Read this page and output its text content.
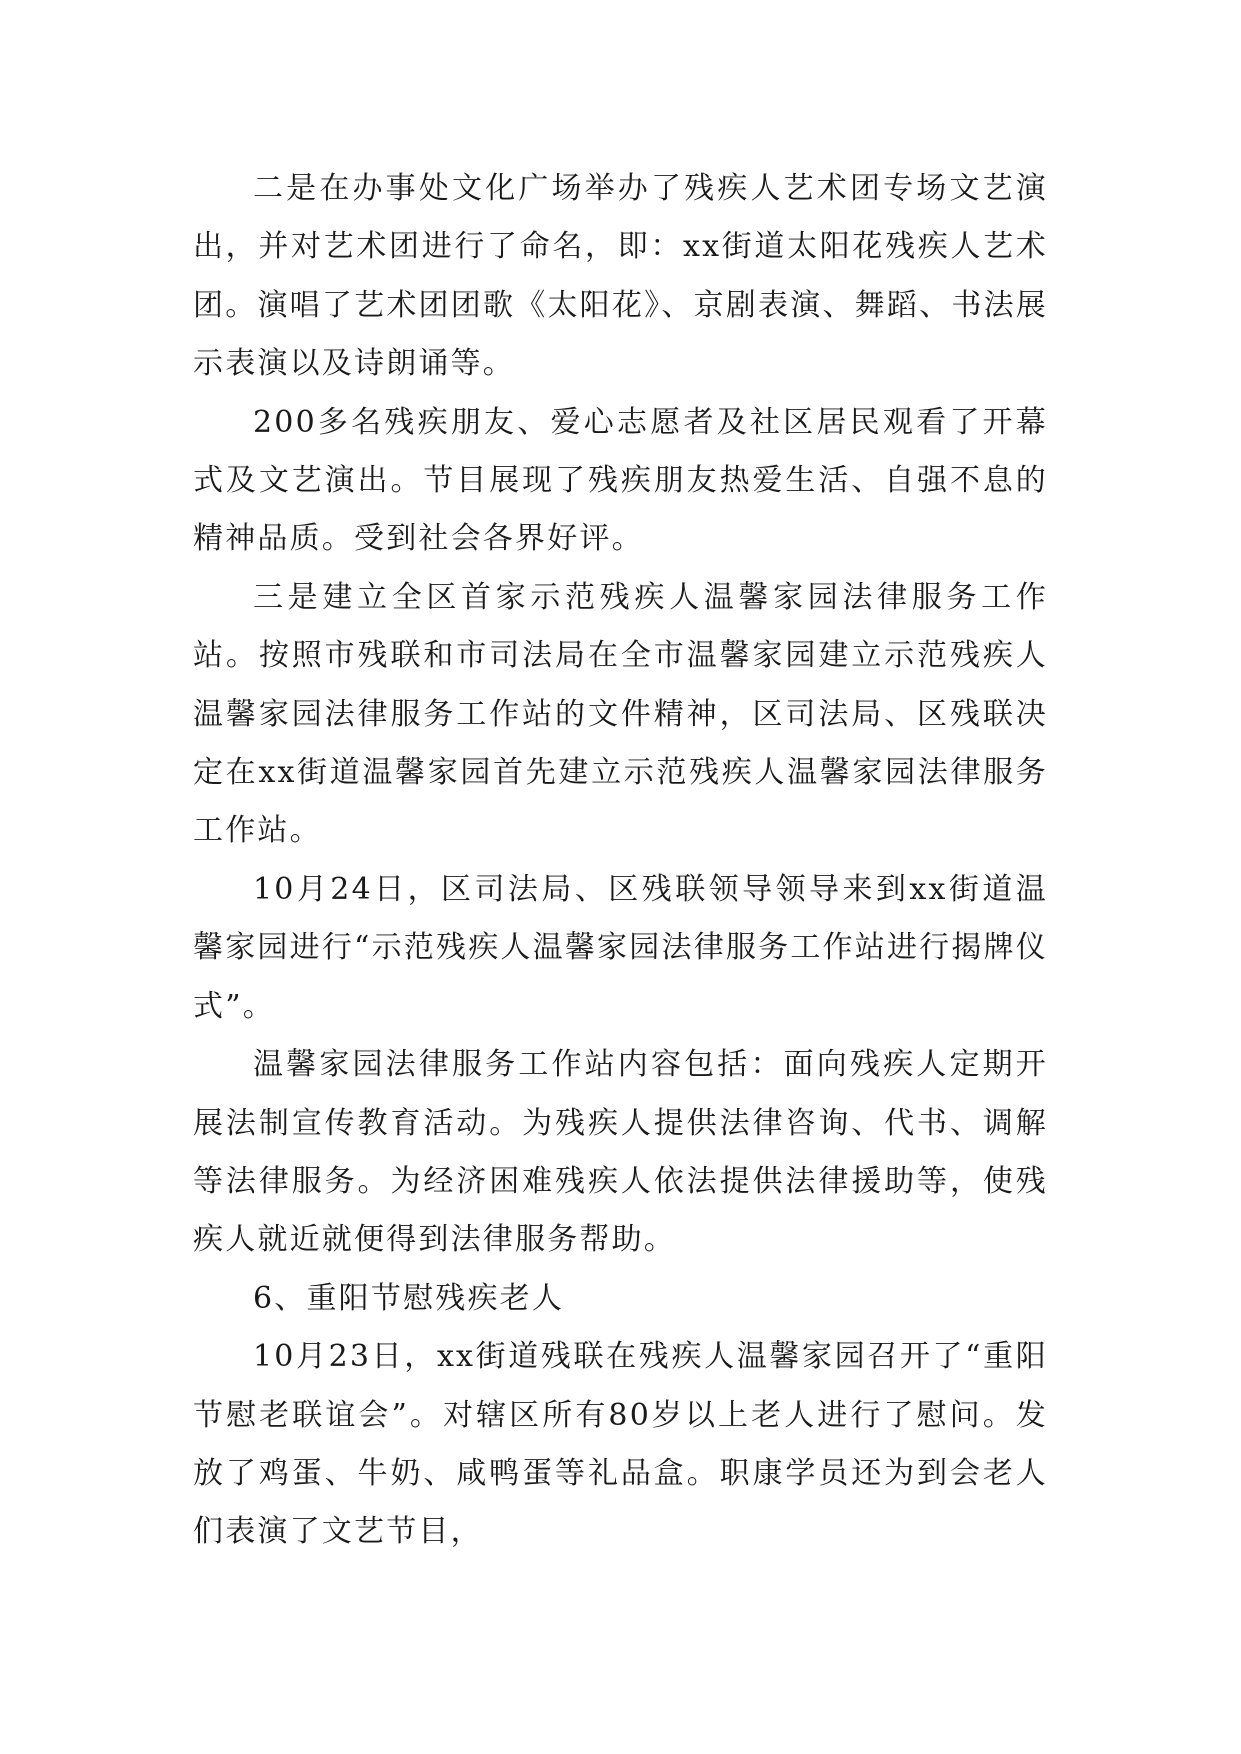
二是在办事处文化广场举办了残疾人艺术团专场文艺演出，并对艺术团进行了命名，即：xx街道太阳花残疾人艺术团。演唱了艺术团团歌《太阳花》、京剧表演、舞蹈、书法展示表演以及诗朗诵等。

200多名残疾朋友、爱心志愿者及社区居民观看了开幕式及文艺演出。节目展现了残疾朋友热爱生活、自强不息的精神品质。受到社会各界好评。

三是建立全区首家示范残疾人温馨家园法律服务工作站。按照市残联和市司法局在全市温馨家园建立示范残疾人温馨家园法律服务工作站的文件精神，区司法局、区残联决定在xx街道温馨家园首先建立示范残疾人温馨家园法律服务工作站。

10月24日，区司法局、区残联领导领导来到xx街道温馨家园进行“示范残疾人温馨家园法律服务工作站进行揭牌仪式”。

温馨家园法律服务工作站内容包括：面向残疾人定期开展法制宣传教育活动。为残疾人提供法律咨询、代书、调解等法律服务。为经济困难残疾人依法提供法律援助等，使残疾人就近就便得到法律服务帮助。

6、重阳节慰残疾老人

10月23日，xx街道残联在残疾人温馨家园召开了“重阳节慰老联谊会”。对辖区所有80岁以上老人进行了慰问。发放了鸡蛋、牛奶、咸鸭蛋等礼品盒。职康学员还为到会老人们表演了文艺节目，
